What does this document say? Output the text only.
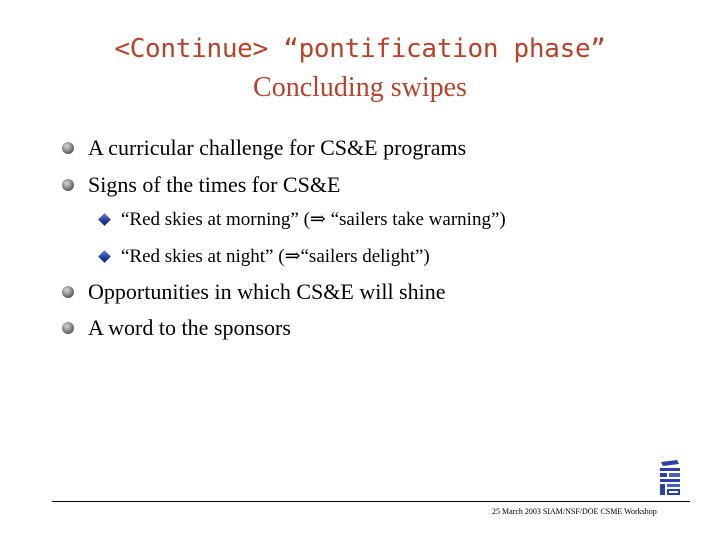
<Continue> “pontification phase”
Concluding swipes
A curricular challenge for CS&E programs
Signs of the times for CS&E
“Red skies at morning” (⇒ “sailers take warning”)
“Red skies at night” (⇒“sailers delight”)
Opportunities in which CS&E will shine
A word to the sponsors
25 March 2003 SIAM/NSF/DOE CSME Workshop
